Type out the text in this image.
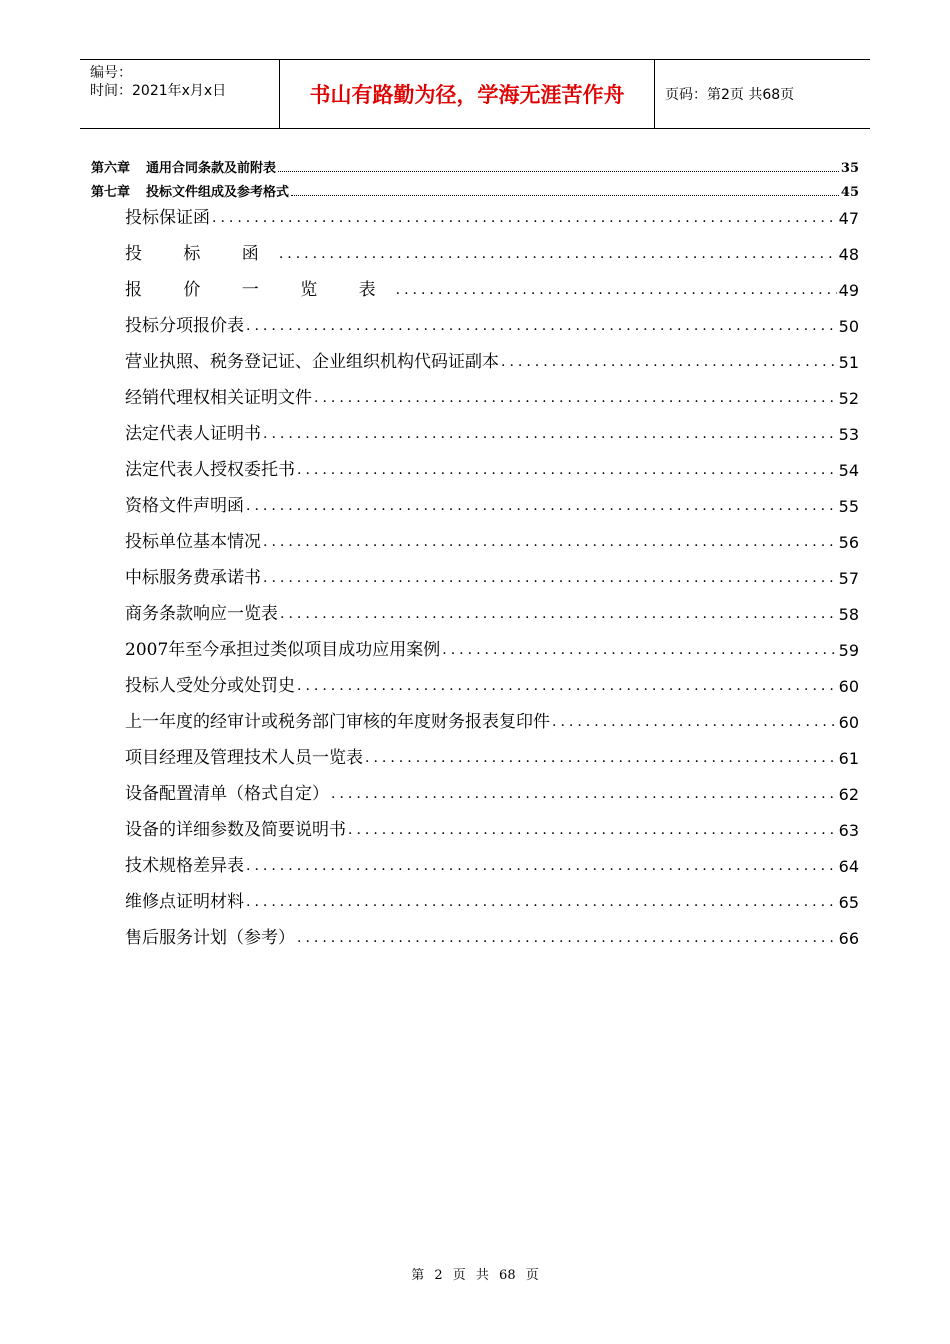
编号：
时间：2021年x月x日	书山有路勤为径，学海无涯苦作舟	页码：第2页 共68页
第六章 通用合同条款及前附表	35
第七章 投标文件组成及参考格式	45
投标保证函 .....	47
投 标 函 .....	48
报 价 一 览 表 .....	49
投标分项报价表 .....	50
营业执照、税务登记证、企业组织机构代码证副本 .....	51
经销代理权相关证明文件 .....	52
法定代表人证明书 .....	53
法定代表人授权委托书 .....	54
资格文件声明函 .....	55
投标单位基本情况 .....	56
中标服务费承诺书 .....	57
商务条款响应一览表 .....	58
2007年至今承担过类似项目成功应用案例 .....	59
投标人受处分或处罚史 .....	60
上一年度的经审计或税务部门审核的年度财务报表复印件 .....	60
项目经理及管理技术人员一览表 .....	61
设备配置清单（格式自定） .....	62
设备的详细参数及简要说明书 .....	63
技术规格差异表 .....	64
维修点证明材料 .....	65
售后服务计划（参考） .....	66
第 2 页 共 68 页
